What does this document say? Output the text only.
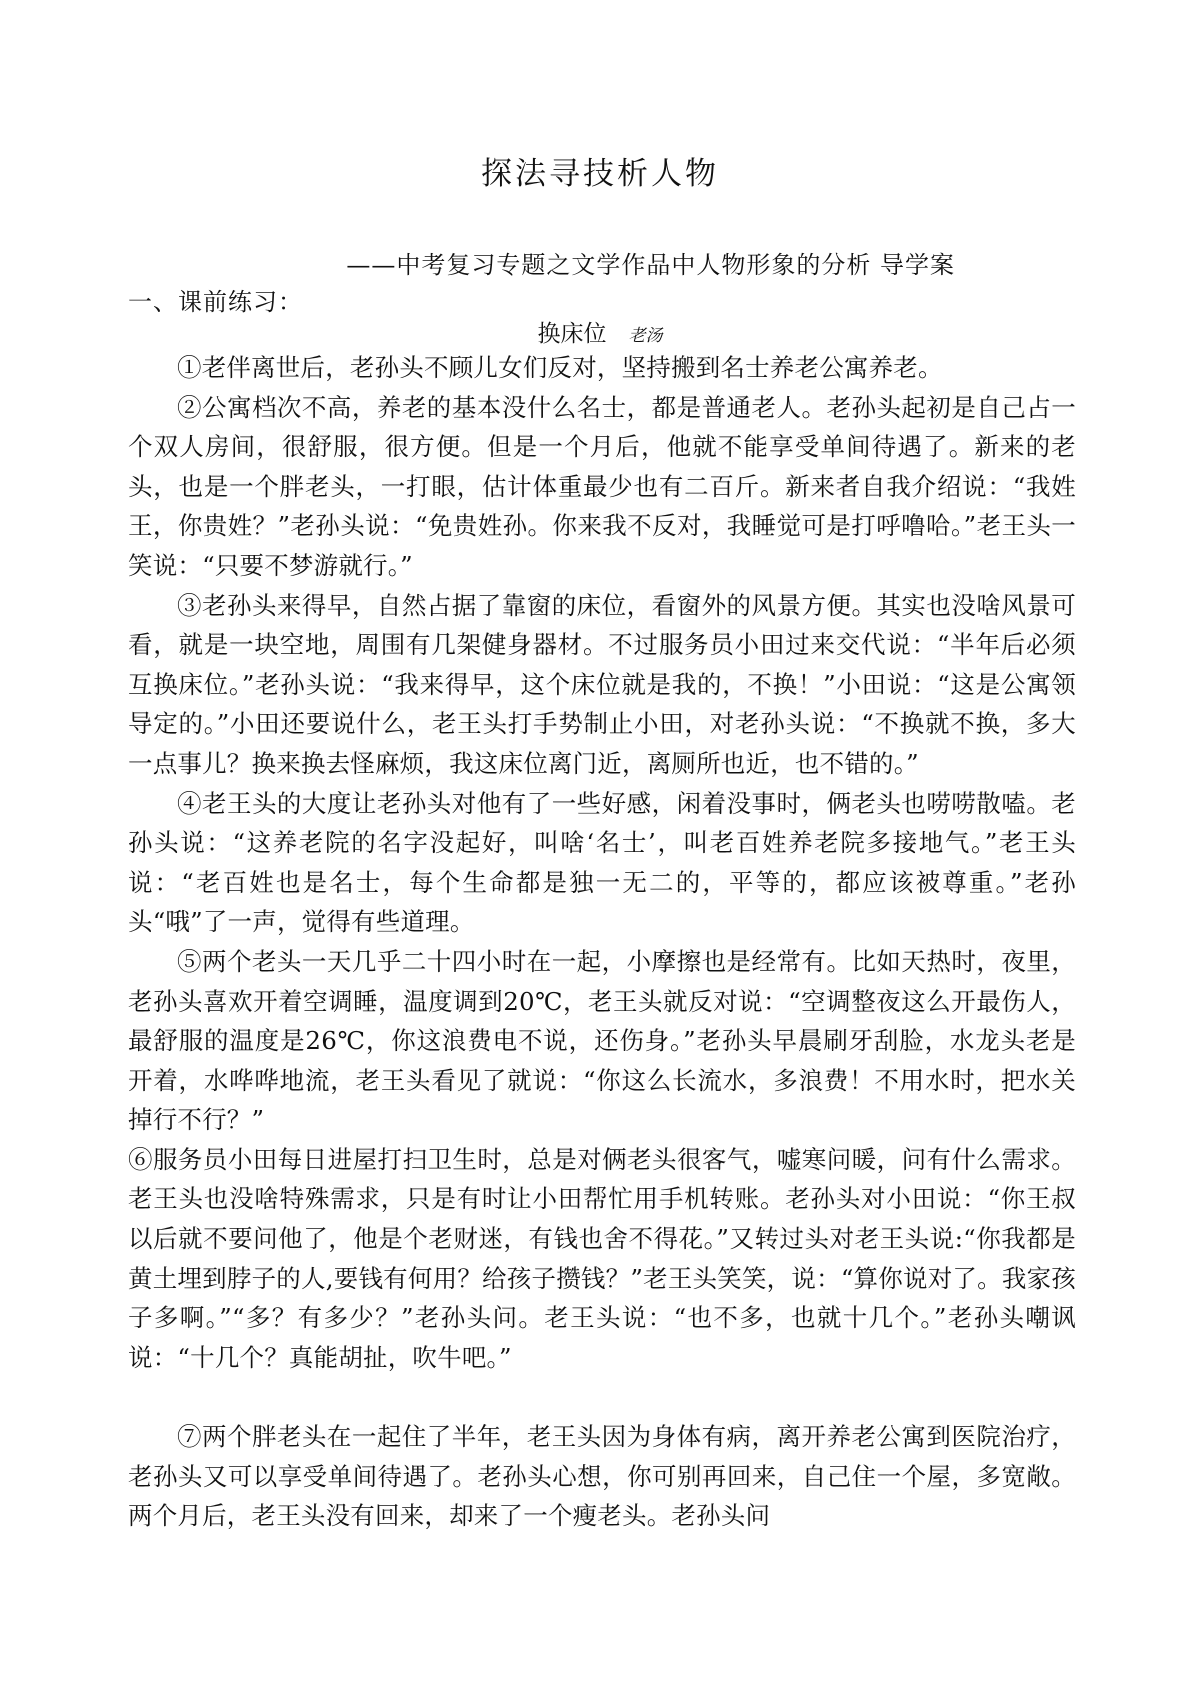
探法寻技析人物
——中考复习专题之文学作品中人物形象的分析 导学案
一、课前练习：
换床位 老汤

①老伴离世后，老孙头不顾儿女们反对，坚持搬到名士养老公寓养老。

②公寓档次不高，养老的基本没什么名士，都是普通老人。老孙头起初是自己占一个双人房间，很舒服，很方便。但是一个月后，他就不能享受单间待遇了。新来的老头，也是一个胖老头，一打眼，估计体重最少也有二百斤。新来者自我介绍说：“我姓王，你贵姓？”老孙头说：“免贵姓孙。你来我不反对，我睡觉可是打呼噜哈。”老王头一笑说：“只要不梦游就行。”

③老孙头来得早，自然占据了靠窗的床位，看窗外的风景方便。其实也没啥风景可看，就是一块空地，周围有几架健身器材。不过服务员小田过来交代说：“半年后必须互换床位。”老孙头说：“我来得早，这个床位就是我的，不换！”小田说：“这是公寓领导定的。”小田还要说什么，老王头打手势制止小田，对老孙头说：“不换就不换，多大一点事儿？换来换去怪麻烦，我这床位离门近，离厕所也近，也不错的。”

④老王头的大度让老孙头对他有了一些好感，闲着没事时，俩老头也唠唠散嗑。老孙头说：“这养老院的名字没起好，叫啥‘名士’，叫老百姓养老院多接地气。”老王头说：“老百姓也是名士，每个生命都是独一无二的，平等的，都应该被尊重。”老孙头“哦”了一声，觉得有些道理。

⑤两个老头一天几乎二十四小时在一起，小摩擦也是经常有。比如天热时，夜里，老孙头喜欢开着空调睡，温度调到20℃，老王头就反对说：“空调整夜这么开最伤人，最舒服的温度是26℃，你这浪费电不说，还伤身。”老孙头早晨刷牙刮脸，水龙头老是开着，水哗哗地流，老王头看见了就说：“你这么长流水，多浪费！不用水时，把水关掉行不行？”

⑥服务员小田每日进屋打扫卫生时，总是对俩老头很客气，嘘寒问暖，问有什么需求。老王头也没啥特殊需求，只是有时让小田帮忙用手机转账。老孙头对小田说：“你王叔以后就不要问他了，他是个老财迷，有钱也舍不得花。”又转过头对老王头说:“你我都是黄土埋到脖子的人,要钱有何用？给孩子攒钱？”老王头笑笑，说：“算你说对了。我家孩子多啊。”“多？有多少？”老孙头问。老王头说：“也不多，也就十几个。”老孙头嘲讽说：“十几个？真能胡扯，吹牛吧。”

⑦两个胖老头在一起住了半年，老王头因为身体有病，离开养老公寓到医院治疗，老孙头又可以享受单间待遇了。老孙头心想，你可别再回来，自己住一个屋，多宽敞。两个月后，老王头没有回来，却来了一个瘦老头。老孙头问
